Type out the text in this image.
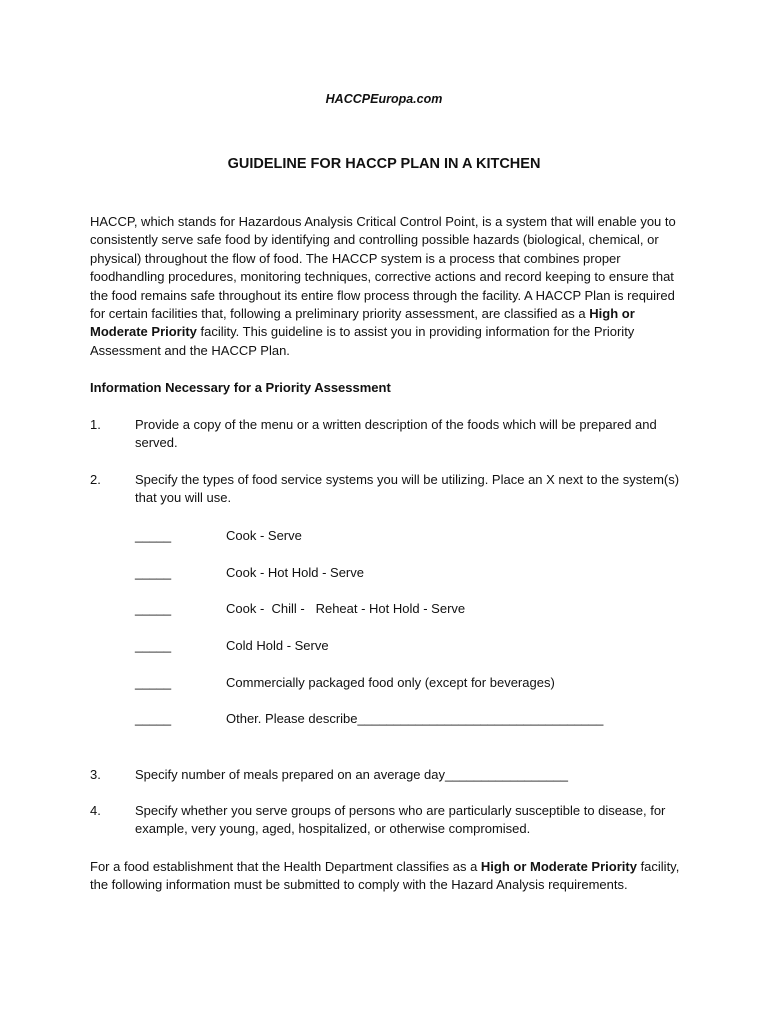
HACCPEuropa.com
GUIDELINE FOR HACCP PLAN IN A KITCHEN
HACCP, which stands for Hazardous Analysis Critical Control Point, is a system that will enable you to consistently serve safe food by identifying and controlling possible hazards (biological, chemical, or physical) throughout the flow of food. The HACCP system is a process that combines proper foodhandling procedures, monitoring techniques, corrective actions and record keeping to ensure that the food remains safe throughout its entire flow process through the facility. A HACCP Plan is required for certain facilities that, following a preliminary priority assessment, are classified as a High or Moderate Priority facility. This guideline is to assist you in providing information for the Priority Assessment and the HACCP Plan.
Information Necessary for a Priority Assessment
1.	Provide a copy of the menu or a written description of the foods which will be prepared and served.
2.	Specify the types of food service systems you will be utilizing. Place an X next to the system(s) that you will use.
_____	Cook - Serve
_____	Cook - Hot Hold - Serve
_____	Cook -  Chill -   Reheat - Hot Hold - Serve
_____	Cold Hold - Serve
_____	Commercially packaged food only (except for beverages)
_____	Other. Please describe__________________________________
3.	Specify number of meals prepared on an average day_________________
4.	Specify whether you serve groups of persons who are particularly susceptible to disease, for example, very young, aged, hospitalized, or otherwise compromised.
For a food establishment that the Health Department classifies as a High or Moderate Priority facility, the following information must be submitted to comply with the Hazard Analysis requirements.
